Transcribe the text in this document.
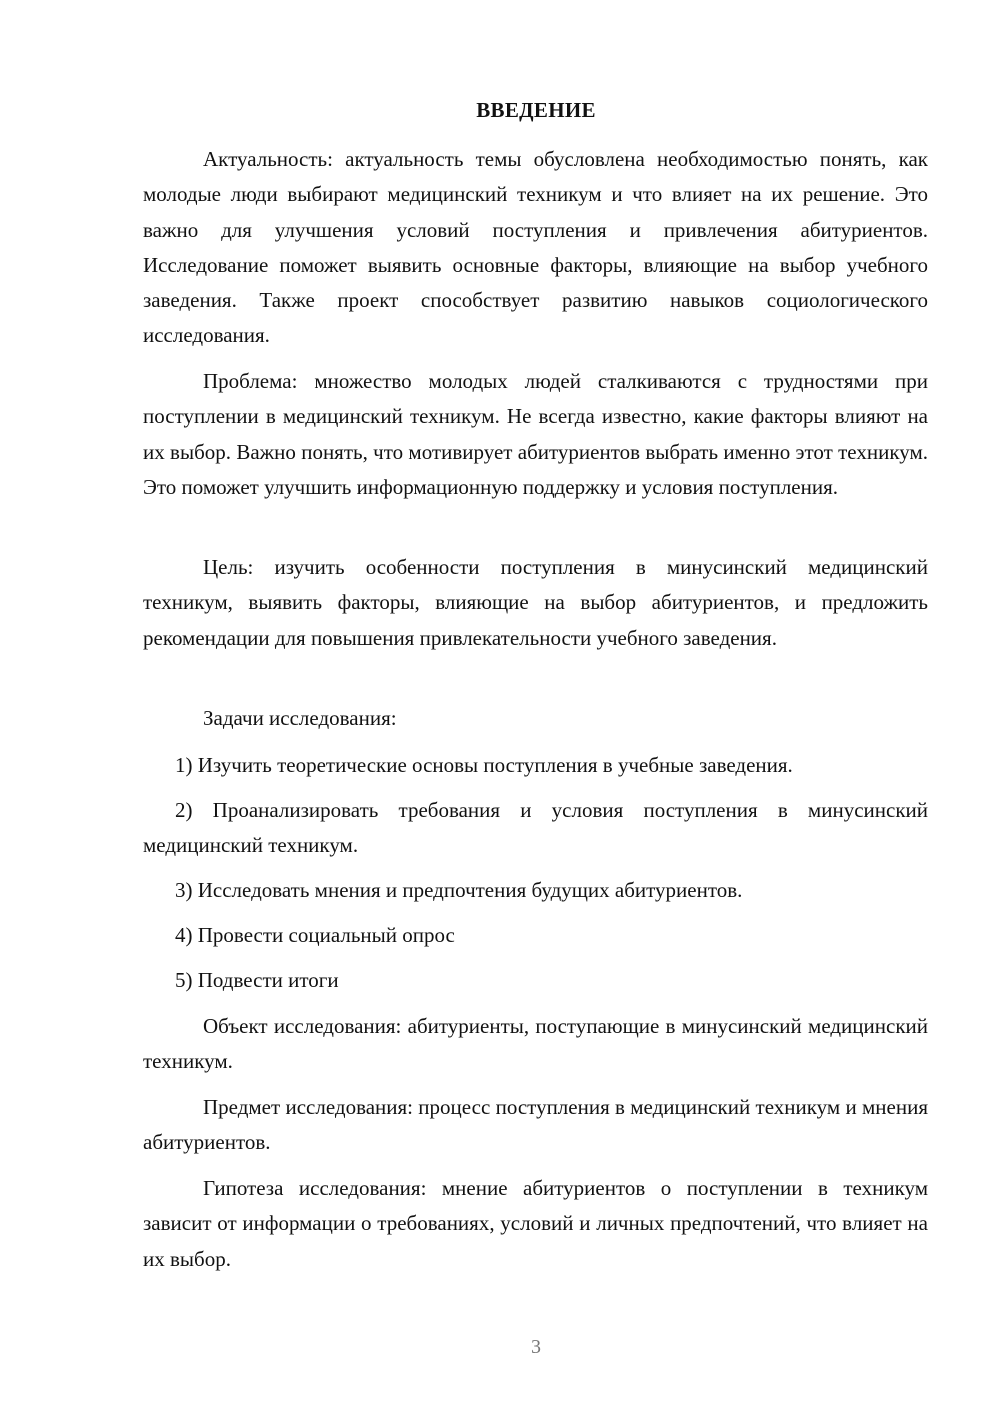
ВВЕДЕНИЕ

Актуальность: актуальность темы обусловлена необходимостью понять, как молодые люди выбирают медицинский техникум и что влияет на их решение. Это важно для улучшения условий поступления и привлечения абитуриентов. Исследование поможет выявить основные факторы, влияющие на выбор учебного заведения. Также проект способствует развитию навыков социологического исследования.

Проблема: множество молодых людей сталкиваются с трудностями при поступлении в медицинский техникум. Не всегда известно, какие факторы влияют на их выбор. Важно понять, что мотивирует абитуриентов выбрать именно этот техникум. Это поможет улучшить информационную поддержку и условия поступления.

Цель: изучить особенности поступления в минусинский медицинский техникум, выявить факторы, влияющие на выбор абитуриентов, и предложить рекомендации для повышения привлекательности учебного заведения.

Задачи исследования:

1) Изучить теоретические основы поступления в учебные заведения.

2) Проанализировать требования и условия поступления в минусинский медицинский техникум.

3) Исследовать мнения и предпочтения будущих абитуриентов.

4) Провести социальный опрос

5) Подвести итоги

Объект исследования: абитуриенты, поступающие в минусинский медицинский техникум.

Предмет исследования: процесс поступления в медицинский техникум и мнения абитуриентов.

Гипотеза исследования: мнение абитуриентов о поступлении в техникум зависит от информации о требованиях, условий и личных предпочтений, что влияет на их выбор.

3
